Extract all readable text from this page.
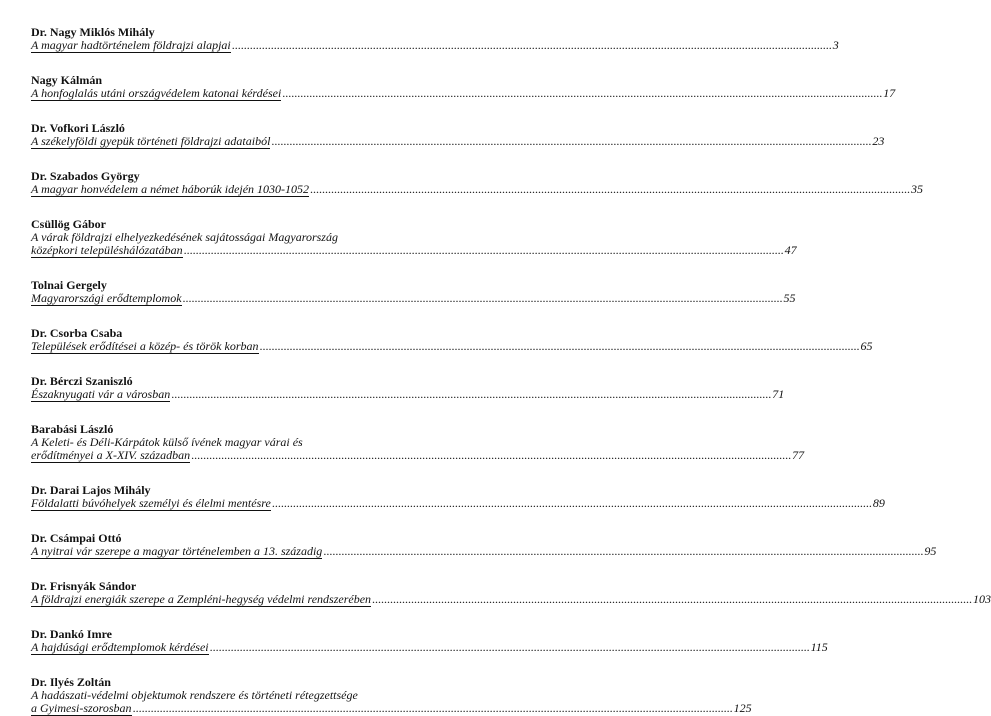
Dr. Nagy Miklós Mihály
A magyar hadtörténelem földrajzi alapjai ........................................................................................................................................................................................................ 3
Nagy Kálmán
A honfoglalás utáni országvédelem katonai kérdései ........................................................................................................................................................................................................ 17
Dr. Vofkori László
A székelyföldi gyepük történeti földrajzi adataiból ........................................................................................................................................................................................................ 23
Dr. Szabados György
A magyar honvédelem a német háborúk idején 1030-1052 ........................................................................................................................................................................................................ 35
Csüllög Gábor
A várak földrajzi elhelyezkedésének sajátosságai Magyarország
középkori településhálózatában ........................................................................................................................................................................................................ 47
Tolnai Gergely
Magyarországi erődtemplomok ........................................................................................................................................................................................................ 55
Dr. Csorba Csaba
Települések erődítései a közép- és török korban ........................................................................................................................................................................................................ 65
Dr. Bérczi Szaniszló
Északnyugati vár a városban ........................................................................................................................................................................................................ 71
Barabási László
A Keleti- és Déli-Kárpátok külső ívének magyar várai és
erődítményei a X-XIV. században ........................................................................................................................................................................................................ 77
Dr. Darai Lajos Mihály
Földalatti búvóhelyek személyi és élelmi mentésre ........................................................................................................................................................................................................ 89
Dr. Csámpai Ottó
A nyitrai vár szerepe a magyar történelemben a 13. századig ........................................................................................................................................................................................................ 95
Dr. Frisnyák Sándor
A földrajzi energiák szerepe a Zempléni-hegység védelmi rendszerében ........................................................................................................................................................................................................ 103
Dr. Dankó Imre
A hajdúsági erődtemplomok kérdései ........................................................................................................................................................................................................ 115
Dr. Ilyés Zoltán
A hadászati-védelmi objektumok rendszere és történeti rétegzettsége
a Gyimesi-szorosban ........................................................................................................................................................................................................ 125
